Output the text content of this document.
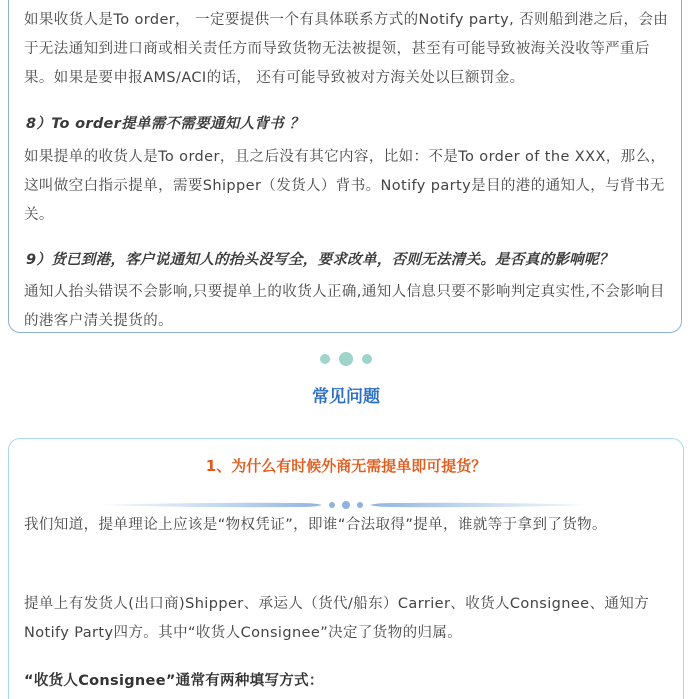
如果收货人是To order， 一定要提供一个有具体联系方式的Notify party, 否则船到港之后，会由于无法通知到进口商或相关责任方而导致货物无法被提领，甚至有可能导致被海关没收等严重后果。如果是要申报AMS/ACI的话， 还有可能导致被对方海关处以巨额罚金。

8）To order提单需不需要通知人背书 ？

如果提单的收货人是To order，且之后没有其它内容，比如：不是To order of the XXX，那么，这叫做空白指示提单，需要Shipper（发货人）背书。Notify party是目的港的通知人，与背书无关。

9）货已到港，客户说通知人的抬头没写全，要求改单，否则无法清关。是否真的影响呢？

通知人抬头错误不会影响,只要提单上的收货人正确,通知人信息只要不影响判定真实性,不会影响目的港客户清关提货的。

常见问题
1、为什么有时候外商无需提单即可提货？

我们知道，提单理论上应该是“物权凭证”，即谁“合法取得”提单，谁就等于拿到了货物。

提单上有发货人(出口商)Shipper、承运人（货代/船东）Carrier、收货人Consignee、通知方Notify Party四方。其中“收货人Consignee”决定了货物的归属。

“收货人Consignee”通常有两种填写方式：
